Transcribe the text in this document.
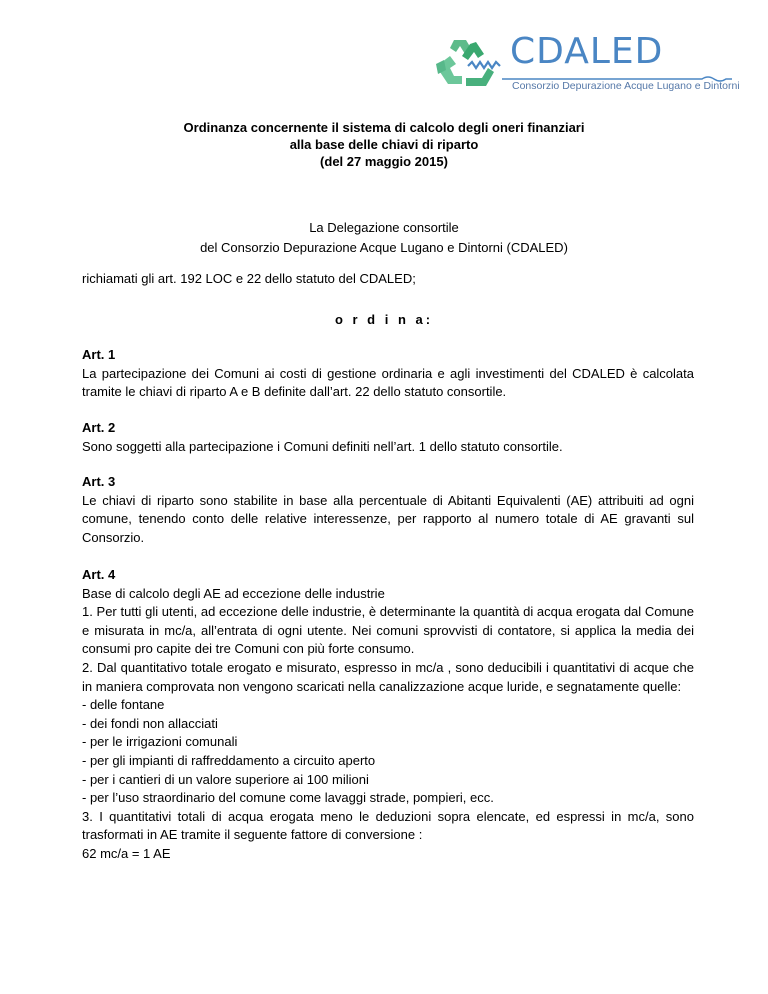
CDALED
Consorzio Depurazione Acque Lugano e Dintorni
Ordinanza concernente il sistema di calcolo degli oneri finanziari
alla base delle chiavi di riparto
(del 27 maggio 2015)
La Delegazione consortile
del Consorzio Depurazione Acque Lugano e Dintorni (CDALED)
richiamati gli art. 192 LOC e 22 dello statuto del CDALED;
o r d i n a:

Art. 1

La partecipazione dei Comuni ai costi di gestione ordinaria e agli investimenti del CDALED è calcolata tramite le chiavi di riparto A e B definite dall’art. 22 dello statuto consortile.

Art. 2

Sono soggetti alla partecipazione i Comuni definiti nell’art. 1 dello statuto consortile.

Art. 3

Le chiavi di riparto sono stabilite in base alla percentuale di Abitanti Equivalenti (AE) attribuiti ad ogni comune, tenendo conto delle relative interessenze, per rapporto al numero totale di AE gravanti sul Consorzio.

Art. 4

Base di calcolo degli AE ad eccezione delle industrie

1. Per tutti gli utenti, ad eccezione delle industrie, è determinante la quantità di acqua erogata dal Comune e misurata in mc/a, all’entrata di ogni utente. Nei comuni sprovvisti di contatore, si applica la media dei consumi pro capite dei tre Comuni con più forte consumo.

2. Dal quantitativo totale erogato e misurato, espresso in mc/a , sono deducibili i quantitativi di acque che in maniera comprovata non vengono scaricati nella canalizzazione acque luride, e segnatamente quelle:

- delle fontane

- dei fondi non allacciati

- per le irrigazioni comunali

- per gli impianti di raffreddamento a circuito aperto

- per i cantieri di un valore superiore ai 100 milioni

- per l’uso straordinario del comune come lavaggi strade, pompieri, ecc.

3. I quantitativi totali di acqua erogata meno le deduzioni sopra elencate, ed espressi in mc/a, sono trasformati in AE tramite il seguente fattore di conversione :

62 mc/a = 1 AE
